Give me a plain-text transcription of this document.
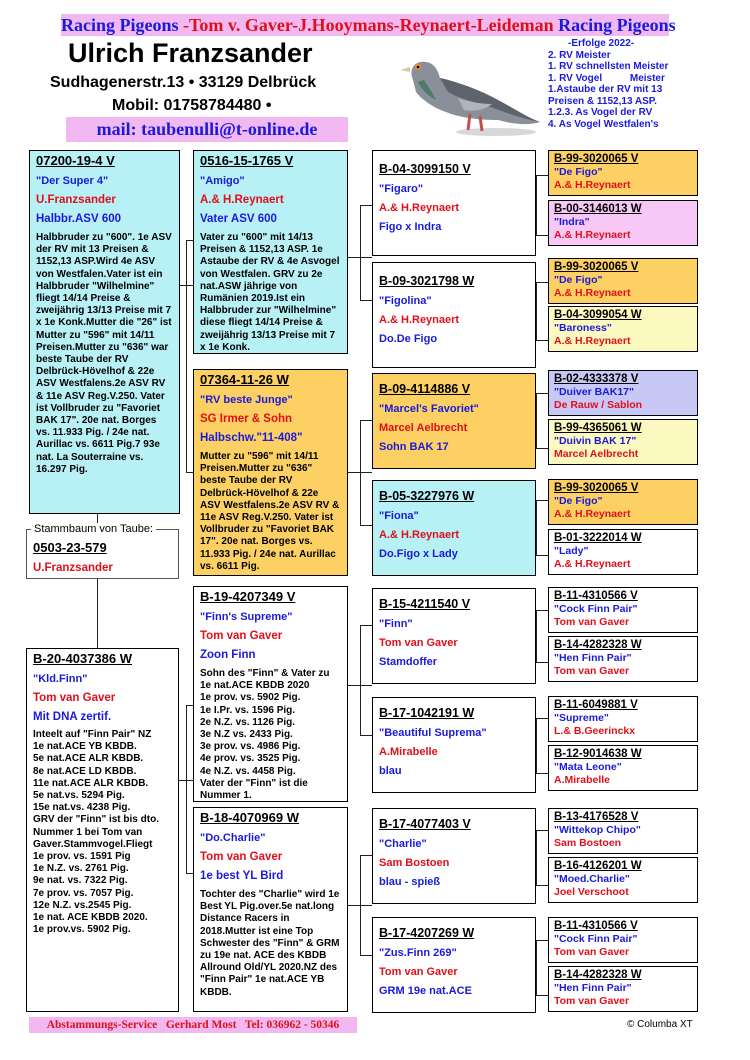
Racing Pigeons -Tom v. Gaver-J.Hooymans-Reynaert-Leideman Racing Pigeons
Ulrich Franzsander
Sudhagenerstr.13 • 33129 Delbrück
Mobil: 01758784480 •
mail: taubenulli@t-online.de
-Erfolge 2022-
2. RV Meister
1. RV schnellsten Meister
1. RV Vogel          Meister
1.Astaube der RV mit 13
Preisen & 1152,13 ASP.
1.2.3. As Vogel der RV
4. As Vogel Westfalen's
07200-19-4 V
"Der Super 4"
U.Franzsander
Halbbr.ASV 600
Halbbruder zu "600". 1e ASV der RV mit 13 Preisen & 1152,13 ASP.Wird 4e ASV von Westfalen.Vater ist ein Halbbruder "Wilhelmine" fliegt 14/14 Preise & zweijährig 13/13 Preise mit 7 x 1e Konk.Mutter die "26" ist Mutter zu "596" mit 14/11 Preisen.Mutter zu "636" war beste Taube der RV Delbrück-Hövelhof & 22e ASV Westfalens.2e ASV RV & 11e ASV Reg.V.250. Vater ist Vollbruder zu "Favoriet BAK 17". 20e nat. Borges vs. 11.933 Pig. / 24e nat. Aurillac vs. 6611 Pig.7 93e nat. La Souterraine vs. 16.297 Pig.
0503-23-579
U.Franzsander
Stammbaum von Taube:
B-20-4037386 W
"Kld.Finn"
Tom van Gaver
Mit DNA zertif.
Inteelt auf "Finn Pair" NZ
1e nat.ACE YB KBDB.
5e nat.ACE ALR KBDB.
8e nat.ACE LD KBDB.
11e nat.ACE ALR KBDB.
5e nat.vs. 5294 Pig.
15e nat.vs. 4238 Pig.
GRV der "Finn" ist bis dto. Nummer 1 bei Tom van Gaver.Stammvogel.Fliegt
1e prov. vs. 1591 Pig
1e N.Z. vs. 2761 Pig.
9e nat. vs. 7322 Pig.
7e prov. vs. 7057 Pig.
12e N.Z. vs.2545 Pig.
1e nat. ACE KBDB 2020.
1e prov.vs. 5902 Pig.
0516-15-1765 V
"Amigo"
A.& H.Reynaert
Vater ASV 600
Vater zu "600" mit 14/13 Preisen & 1152,13 ASP. 1e Astaube der RV & 4e Asvogel von Westfalen. GRV zu 2e nat.ASW jährige von Rumänien 2019.Ist ein Halbbruder zur "Wilhelmine" diese fliegt 14/14 Preise & zweijährig 13/13 Preise mit 7 x 1e Konk.
07364-11-26 W
"RV beste Junge"
SG Irmer & Sohn
Halbschw."11-408"
Mutter zu "596" mit 14/11 Preisen.Mutter zu "636" beste Taube der RV Delbrück-Hövelhof & 22e ASV Westfalens.2e ASV RV & 11e ASV Reg.V.250. Vater ist Vollbruder zu "Favoriet BAK 17". 20e nat. Borges vs. 11.933 Pig. / 24e nat. Aurillac vs. 6611 Pig.
B-19-4207349 V
"Finn's Supreme"
Tom van Gaver
Zoon Finn
Sohn des "Finn" & Vater zu 1e nat.ACE KBDB 2020
1e prov. vs. 5902 Pig.
1e I.Pr. vs. 1596 Pig.
2e N.Z. vs. 1126 Pig.
3e N.Z vs. 2433 Pig.
3e prov. vs. 4986 Pig.
4e prov. vs. 3525 Pig.
4e N.Z. vs. 4458 Pig.
Vater der "Finn" ist die Nummer 1.
B-18-4070969 W
"Do.Charlie"
Tom van Gaver
1e best YL Bird
Tochter des "Charlie" wird 1e Best YL Pig.over.5e nat.long Distance Racers in 2018.Mutter ist eine Top Schwester des "Finn" & GRM zu 19e nat. ACE des KBDB Allround Old/YL 2020.NZ des "Finn Pair" 1e nat.ACE YB KBDB.
B-04-3099150 V
"Figaro"
A.& H.Reynaert
Figo x Indra
B-09-3021798 W
"Figolina"
A.& H.Reynaert
Do.De Figo
B-09-4114886 V
"Marcel's Favoriet"
Marcel Aelbrecht
Sohn BAK 17
B-05-3227976 W
"Fiona"
A.& H.Reynaert
Do.Figo x Lady
B-15-4211540 V
"Finn"
Tom van Gaver
Stamdoffer
B-17-1042191 W
"Beautiful Suprema"
A.Mirabelle
blau
B-17-4077403 V
"Charlie"
Sam Bostoen
blau - spieß
B-17-4207269 W
"Zus.Finn 269"
Tom van Gaver
GRM 19e nat.ACE
B-99-3020065 V
"De Figo"
A.& H.Reynaert
B-00-3146013 W
"Indra"
A.& H.Reynaert
B-99-3020065 V
"De Figo"
A.& H.Reynaert
B-04-3099054 W
"Baroness"
A.& H.Reynaert
B-02-4333378 V
"Duiver BAK17"
De Rauw / Sablon
B-99-4365061 W
"Duivin BAK 17"
Marcel Aelbrecht
B-99-3020065 V
"De Figo"
A.& H.Reynaert
B-01-3222014 W
"Lady"
A.& H.Reynaert
B-11-4310566 V
"Cock Finn Pair"
Tom van Gaver
B-14-4282328 W
"Hen Finn Pair"
Tom van Gaver
B-11-6049881 V
"Supreme"
L.& B.Geerinckx
B-12-9014638 W
"Mata Leone"
A.Mirabelle
B-13-4176528 V
"Wittekop Chipo"
Sam Bostoen
B-16-4126201 W
"Moed.Charlie"
Joel Verschoot
B-11-4310566 V
"Cock Finn Pair"
Tom van Gaver
B-14-4282328 W
"Hen Finn Pair"
Tom van Gaver
Abstammungs-Service   Gerhard Most   Tel: 036962 - 50346	© Columba XT
